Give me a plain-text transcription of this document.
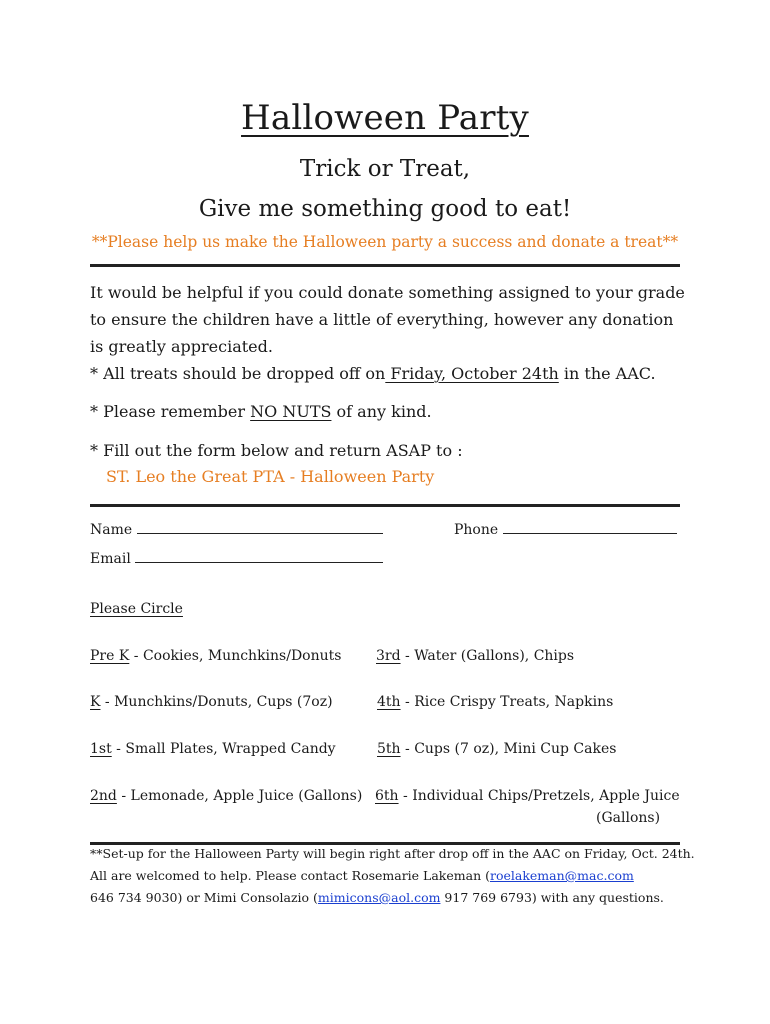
Halloween Party
Trick or Treat,
Give me something good to eat!
**Please help us make the Halloween party a success and donate a treat**
It would be helpful if you could donate something assigned to your grade
to ensure the children have a little of everything, however any donation
is greatly appreciated.
* All treats should be dropped off on Friday, October 24th in the AAC.
* Please remember NO NUTS of any kind.
* Fill out the form below and return ASAP to :
ST. Leo the Great PTA - Halloween Party
Name	Phone
Email
Please Circle
Pre K - Cookies, Munchkins/Donuts
K - Munchkins/Donuts, Cups (7oz)
1st - Small Plates, Wrapped Candy
2nd - Lemonade, Apple Juice (Gallons)
3rd - Water (Gallons), Chips
4th - Rice Crispy Treats, Napkins
5th - Cups (7 oz), Mini Cup Cakes
6th - Individual Chips/Pretzels, Apple Juice
(Gallons)
**Set-up for the Halloween Party will begin right after drop off in the AAC on Friday, Oct. 24th.
All are welcomed to help. Please contact Rosemarie Lakeman (roelakeman@mac.com
646 734 9030) or Mimi Consolazio (mimicons@aol.com 917 769 6793) with any questions.
